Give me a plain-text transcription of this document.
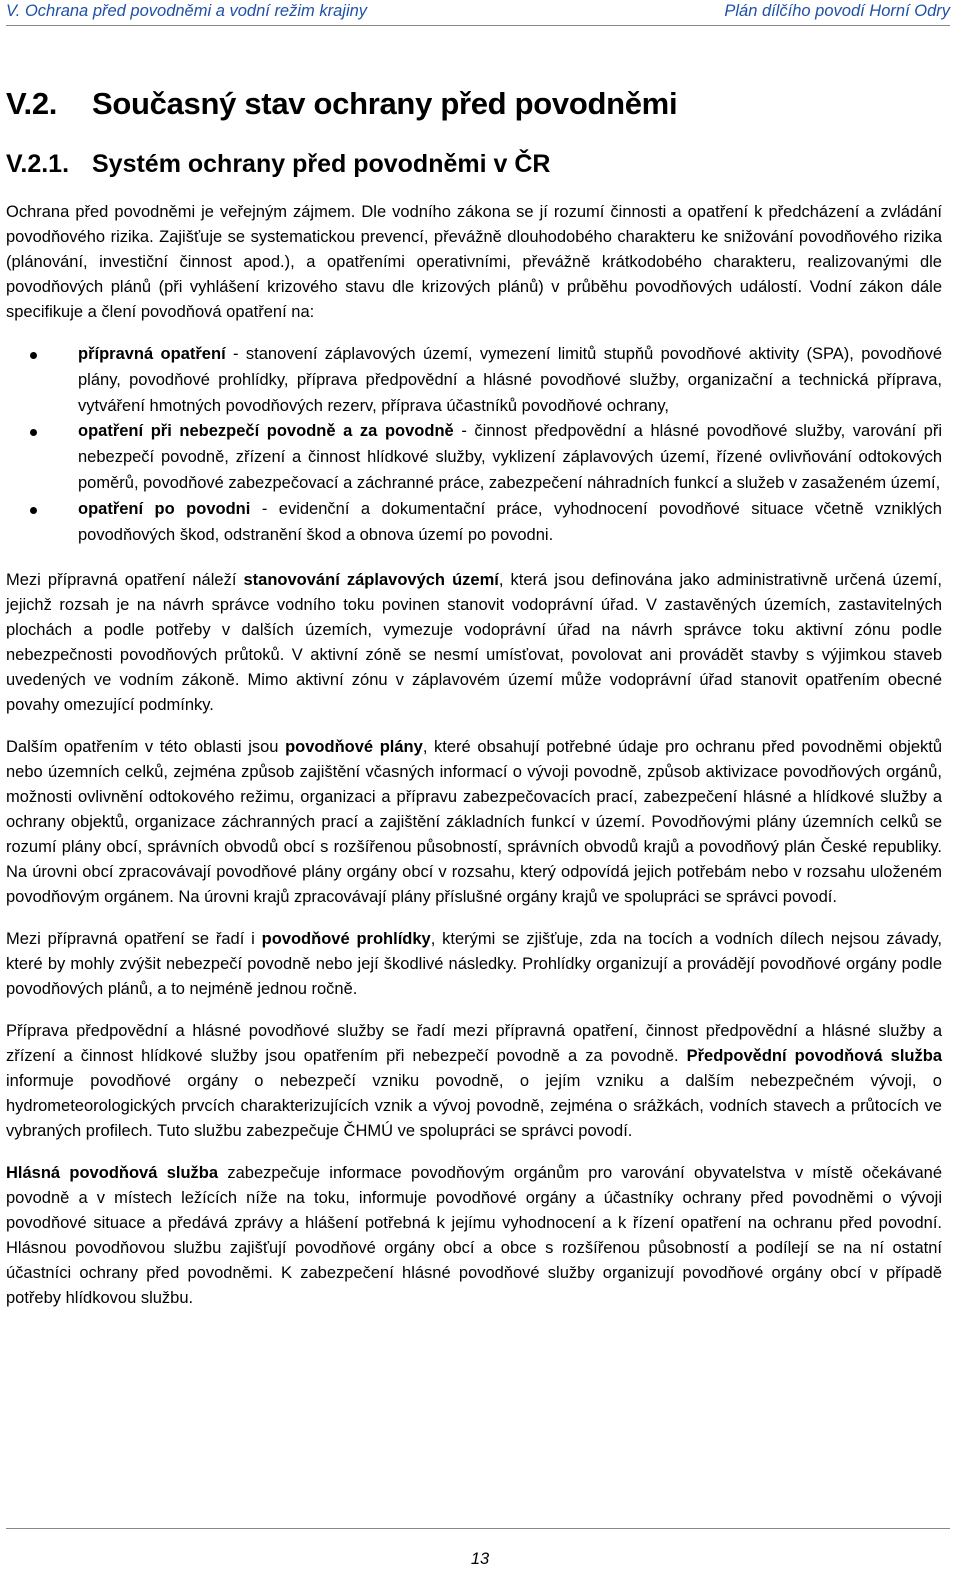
V. Ochrana před povodněmi a vodní režim krajiny	Plán dílčího povodí Horní Odry
V.2. Současný stav ochrany před povodněmi
V.2.1. Systém ochrany před povodněmi v ČR

Ochrana před povodněmi je veřejným zájmem. Dle vodního zákona se jí rozumí činnosti a opatření k předcházení a zvládání povodňového rizika. Zajišťuje se systematickou prevencí, převážně dlouhodobého charakteru ke snižování povodňového rizika (plánování, investiční činnost apod.), a opatřeními operativními, převážně krátkodobého charakteru, realizovanými dle povodňových plánů (při vyhlášení krizového stavu dle krizových plánů) v průběhu povodňových událostí. Vodní zákon dále specifikuje a člení povodňová opatření na:

přípravná opatření - stanovení záplavových území, vymezení limitů stupňů povodňové aktivity (SPA), povodňové plány, povodňové prohlídky, příprava předpovědní a hlásné povodňové služby, organizační a technická příprava, vytváření hmotných povodňových rezerv, příprava účastníků povodňové ochrany,
opatření při nebezpečí povodně a za povodně - činnost předpovědní a hlásné povodňové služby, varování při nebezpečí povodně, zřízení a činnost hlídkové služby, vyklizení záplavových území, řízené ovlivňování odtokových poměrů, povodňové zabezpečovací a záchranné práce, zabezpečení náhradních funkcí a služeb v zasaženém území,
opatření po povodni - evidenční a dokumentační práce, vyhodnocení povodňové situace včetně vzniklých povodňových škod, odstranění škod a obnova území po povodni.

Mezi přípravná opatření náleží stanovování záplavových území, která jsou definována jako administrativně určená území, jejichž rozsah je na návrh správce vodního toku povinen stanovit vodoprávní úřad. V zastavěných územích, zastavitelných plochách a podle potřeby v dalších územích, vymezuje vodoprávní úřad na návrh správce toku aktivní zónu podle nebezpečnosti povodňových průtoků. V aktivní zóně se nesmí umísťovat, povolovat ani provádět stavby s výjimkou staveb uvedených ve vodním zákoně. Mimo aktivní zónu v záplavovém území může vodoprávní úřad stanovit opatřením obecné povahy omezující podmínky.

Dalším opatřením v této oblasti jsou povodňové plány, které obsahují potřebné údaje pro ochranu před povodněmi objektů nebo územních celků, zejména způsob zajištění včasných informací o vývoji povodně, způsob aktivizace povodňových orgánů, možnosti ovlivnění odtokového režimu, organizaci a přípravu zabezpečovacích prací, zabezpečení hlásné a hlídkové služby a ochrany objektů, organizace záchranných prací a zajištění základních funkcí v území. Povodňovými plány územních celků se rozumí plány obcí, správních obvodů obcí s rozšířenou působností, správních obvodů krajů a povodňový plán České republiky. Na úrovni obcí zpracovávají povodňové plány orgány obcí v rozsahu, který odpovídá jejich potřebám nebo v rozsahu uloženém povodňovým orgánem. Na úrovni krajů zpracovávají plány příslušné orgány krajů ve spolupráci se správci povodí.

Mezi přípravná opatření se řadí i povodňové prohlídky, kterými se zjišťuje, zda na tocích a vodních dílech nejsou závady, které by mohly zvýšit nebezpečí povodně nebo její škodlivé následky. Prohlídky organizují a provádějí povodňové orgány podle povodňových plánů, a to nejméně jednou ročně.

Příprava předpovědní a hlásné povodňové služby se řadí mezi přípravná opatření, činnost předpovědní a hlásné služby a zřízení a činnost hlídkové služby jsou opatřením při nebezpečí povodně a za povodně. Předpovědní povodňová služba informuje povodňové orgány o nebezpečí vzniku povodně, o jejím vzniku a dalším nebezpečném vývoji, o hydrometeorologických prvcích charakterizujících vznik a vývoj povodně, zejména o srážkách, vodních stavech a průtocích ve vybraných profilech. Tuto službu zabezpečuje ČHMÚ ve spolupráci se správci povodí.

Hlásná povodňová služba zabezpečuje informace povodňovým orgánům pro varování obyvatelstva v místě očekávané povodně a v místech ležících níže na toku, informuje povodňové orgány a účastníky ochrany před povodněmi o vývoji povodňové situace a předává zprávy a hlášení potřebná k jejímu vyhodnocení a k řízení opatření na ochranu před povodní. Hlásnou povodňovou službu zajišťují povodňové orgány obcí a obce s rozšířenou působností a podílejí se na ní ostatní účastníci ochrany před povodněmi. K zabezpečení hlásné povodňové služby organizují povodňové orgány obcí v případě potřeby hlídkovou službu.

13
